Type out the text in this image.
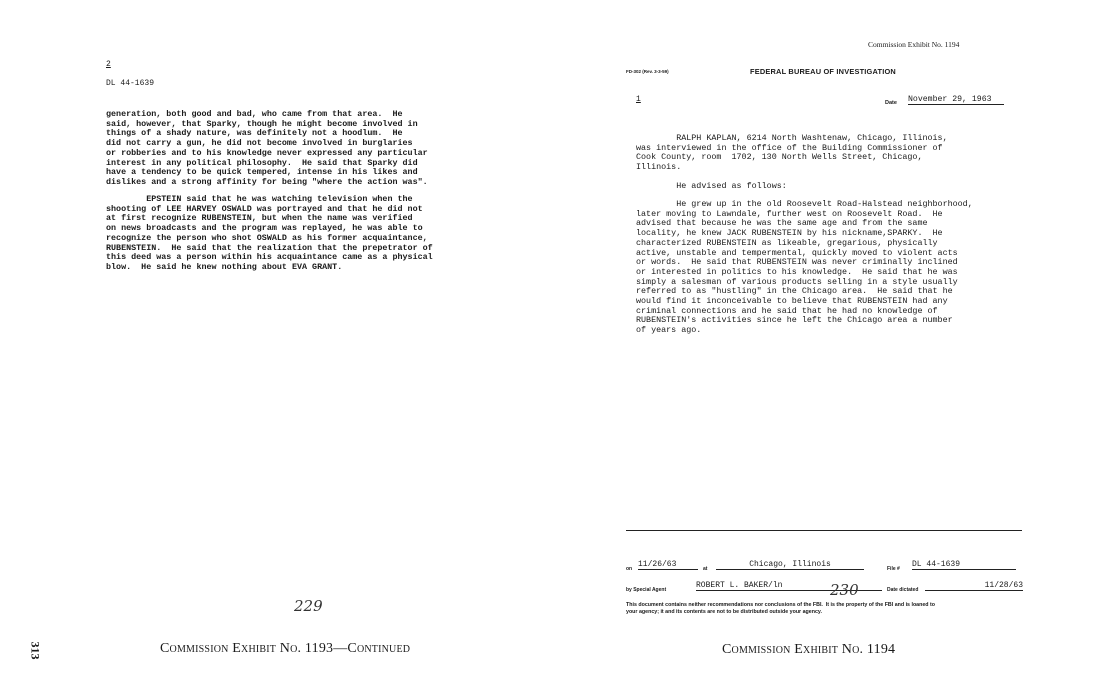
2
DL 44-1639
generation, both good and bad, who came from that area.  He
said, however, that Sparky, though he might become involved in
things of a shady nature, was definitely not a hoodlum.  He
did not carry a gun, he did not become involved in burglaries
or robberies and to his knowledge never expressed any particular
interest in any political philosophy.  He said that Sparky did
have a tendency to be quick tempered, intense in his likes and
dislikes and a strong affinity for being "where the action was".
EPSTEIN said that he was watching television when the
shooting of LEE HARVEY OSWALD was portrayed and that he did not
at first recognize RUBENSTEIN, but when the name was verified
on news broadcasts and the program was replayed, he was able to
recognize the person who shot OSWALD as his former acquaintance,
RUBENSTEIN.  He said that the realization that the prepetrator of
this deed was a person within his acquaintance came as a physical
blow.  He said he knew nothing about EVA GRANT.
229
Commission Exhibit No. 1193—Continued
313
Commission Exhibit No. 1194
FD-302 (Rev. 3-3-59)	FEDERAL BUREAU OF INVESTIGATION
1	Date November 29, 1963
RALPH KAPLAN, 6214 North Washtenaw, Chicago, Illinois,
was interviewed in the office of the Building Commissioner of
Cook County, room  1702, 130 North Wells Street, Chicago,
Illinois.
He advised as follows:
He grew up in the old Roosevelt Road-Halstead neighborhood,
later moving to Lawndale, further west on Roosevelt Road.  He
advised that because he was the same age and from the same
locality, he knew JACK RUBENSTEIN by his nickname,SPARKY.  He
characterized RUBENSTEIN as likeable, gregarious, physically
active, unstable and tempermental, quickly moved to violent acts
or words.  He said that RUBENSTEIN was never criminally inclined
or interested in politics to his knowledge.  He said that he was
simply a salesman of various products selling in a style usually
referred to as "hustling" in the Chicago area.  He said that he
would find it inconceivable to believe that RUBENSTEIN had any
criminal connections and he said that he had no knowledge of
RUBENSTEIN's activities since he left the Chicago area a number
of years ago.
on 11/26/63	at	Chicago, Illinois	File # DL 44-1639
by Special Agent	ROBERT L. BAKER/ln	Date dictated	11/28/63
230
This document contains neither recommendations nor conclusions of the FBI.  It is the property of the FBI and is loaned to
your agency; it and its contents are not to be distributed outside your agency.
Commission Exhibit No. 1194
